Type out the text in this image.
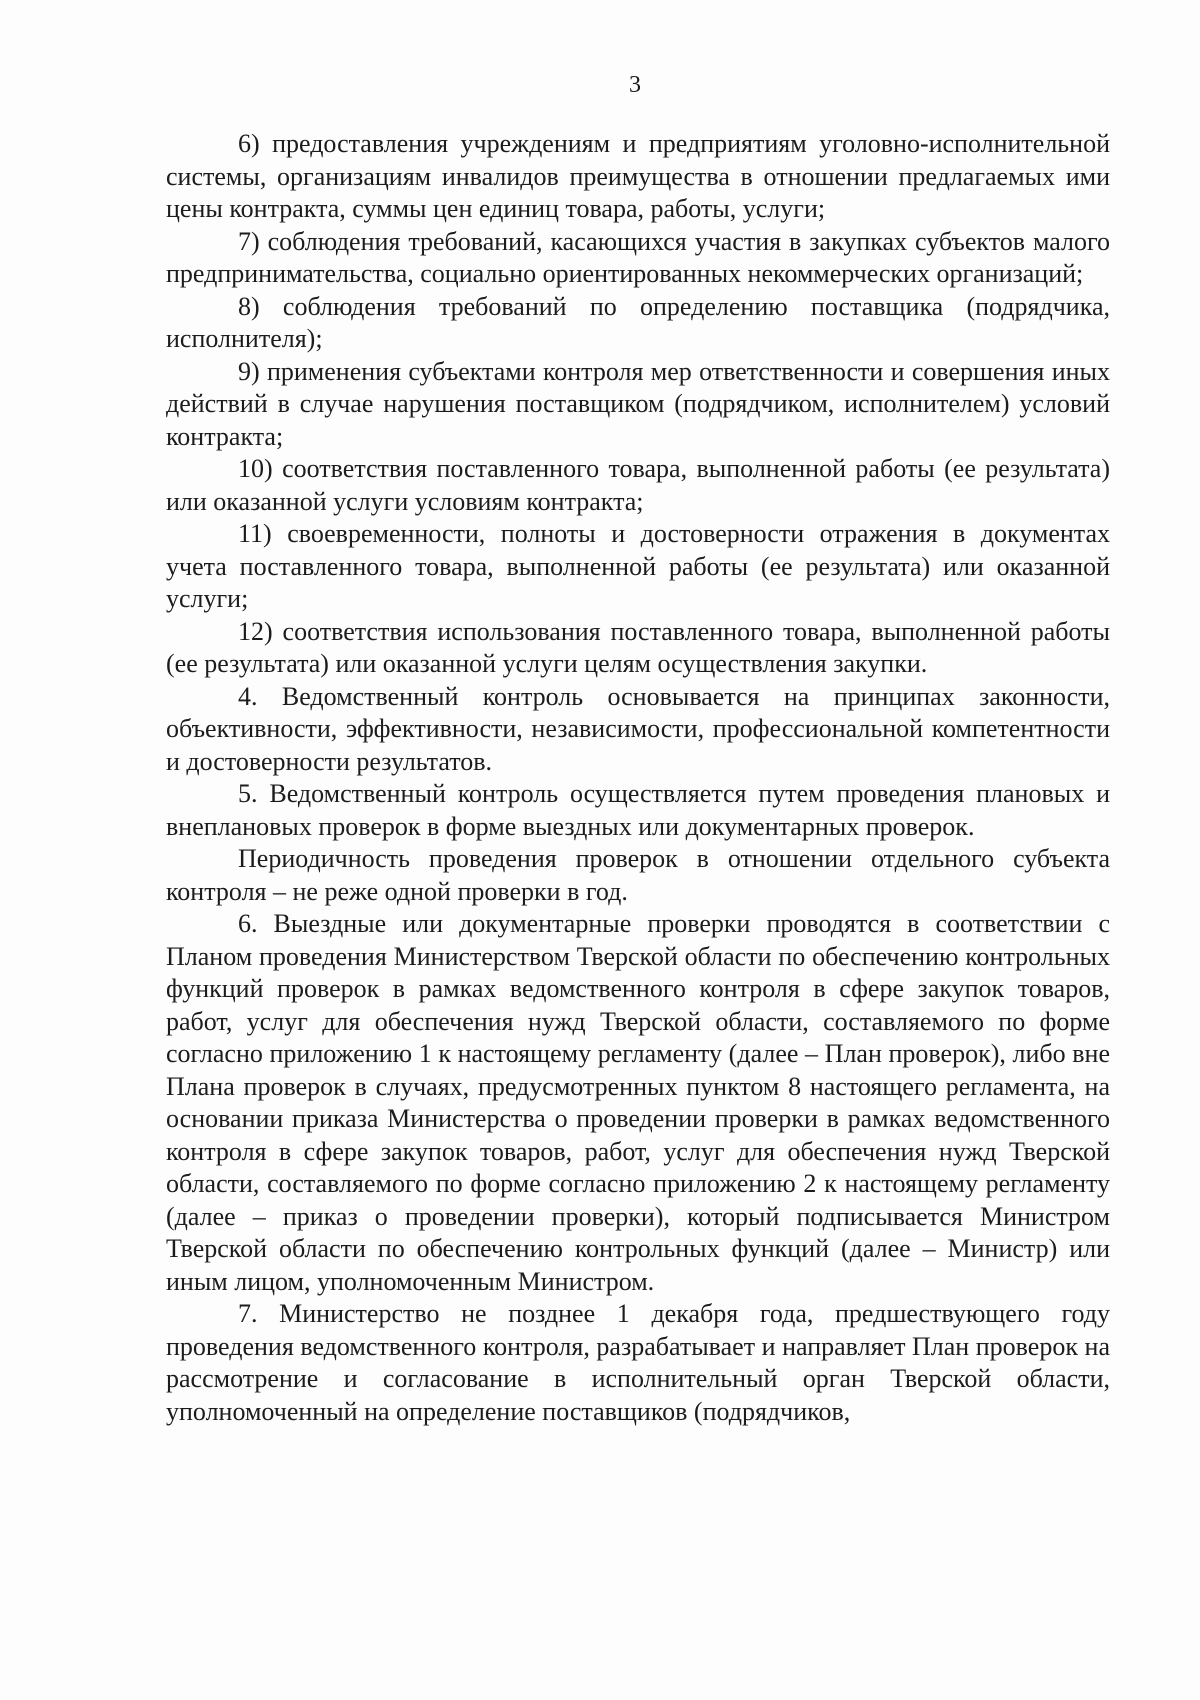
3

6) предоставления учреждениям и предприятиям уголовно-исполнительной системы, организациям инвалидов преимущества в отношении предлагаемых ими цены контракта, суммы цен единиц товара, работы, услуги;

7) соблюдения требований, касающихся участия в закупках субъектов малого предпринимательства, социально ориентированных некоммерческих организаций;

8) соблюдения требований по определению поставщика (подрядчика, исполнителя);

9) применения субъектами контроля мер ответственности и совершения иных действий в случае нарушения поставщиком (подрядчиком, исполнителем) условий контракта;

10) соответствия поставленного товара, выполненной работы (ее результата) или оказанной услуги условиям контракта;

11) своевременности, полноты и достоверности отражения в документах учета поставленного товара, выполненной работы (ее результата) или оказанной услуги;

12) соответствия использования поставленного товара, выполненной работы (ее результата) или оказанной услуги целям осуществления закупки.

4. Ведомственный контроль основывается на принципах законности, объективности, эффективности, независимости, профессиональной компетентности и достоверности результатов.

5. Ведомственный контроль осуществляется путем проведения плановых и внеплановых проверок в форме выездных или документарных проверок.

Периодичность проведения проверок в отношении отдельного субъекта контроля – не реже одной проверки в год.

6. Выездные или документарные проверки проводятся в соответствии с Планом проведения Министерством Тверской области по обеспечению контрольных функций проверок в рамках ведомственного контроля в сфере закупок товаров, работ, услуг для обеспечения нужд Тверской области, составляемого по форме согласно приложению 1 к настоящему регламенту (далее – План проверок), либо вне Плана проверок в случаях, предусмотренных пунктом 8 настоящего регламента, на основании приказа Министерства о проведении проверки в рамках ведомственного контроля в сфере закупок товаров, работ, услуг для обеспечения нужд Тверской области, составляемого по форме согласно приложению 2 к настоящему регламенту (далее – приказ о проведении проверки), который подписывается Министром Тверской области по обеспечению контрольных функций (далее – Министр) или иным лицом, уполномоченным Министром.

7. Министерство не позднее 1 декабря года, предшествующего году проведения ведомственного контроля, разрабатывает и направляет План проверок на рассмотрение и согласование в исполнительный орган Тверской области, уполномоченный на определение поставщиков (подрядчиков,
